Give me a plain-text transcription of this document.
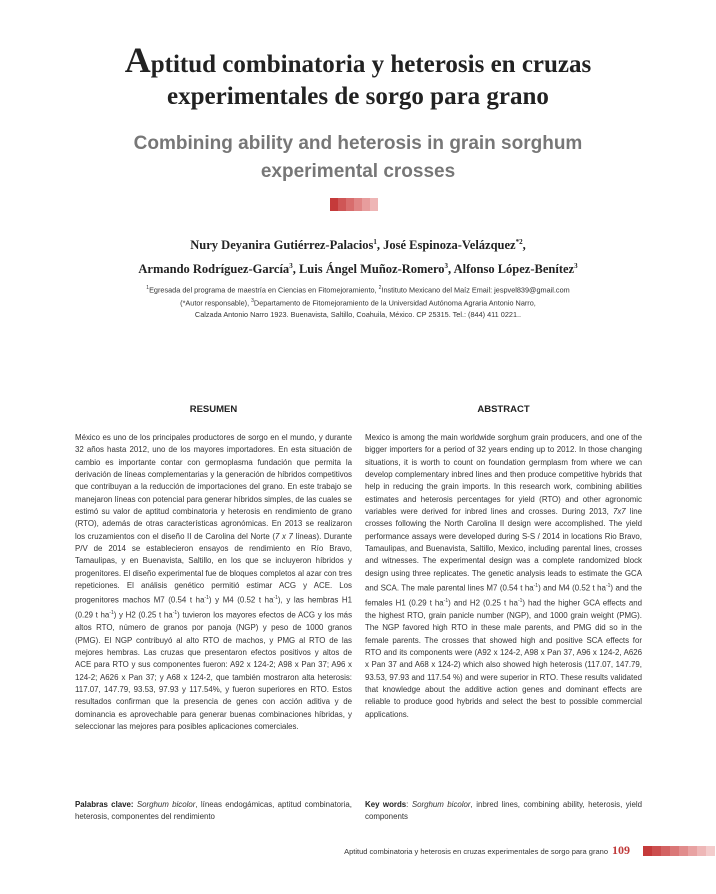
Aptitud combinatoria y heterosis en cruzas
experimentales de sorgo para grano
Combining ability and heterosis in grain sorghum
experimental crosses
Nury Deyanira Gutiérrez-Palacios$^1$, José Espinoza-Velázquez$^{*2}$,
Armando Rodríguez-García$^3$, Luis Ángel Muñoz-Romero$^3$, Alfonso López-Benítez$^3$
$^1$Egresada del programa de maestría en Ciencias en Fitomejoramiento, $^2$Instituto Mexicano del Maíz Email: jespvel839@gmail.com
(*Autor responsable), $^3$Departamento de Fitomejoramiento de la Universidad Autónoma Agraria Antonio Narro,
Calzada Antonio Narro 1923. Buenavista, Saltillo, Coahuila, México. CP 25315. Tel.: (844) 411 0221..
RESUMEN	ABSTRACT

México es uno de los principales productores de sorgo en el mundo, y durante 32 años hasta 2012, uno de los mayores importadores. En esta situación de cambio es importante contar con germoplasma fundación que permita la derivación de líneas complementarias y la generación de híbridos competitivos que contribuyan a la reducción de importaciones del grano. En este trabajo se manejaron líneas con potencial para generar híbridos simples, de las cuales se estimó su valor de aptitud combinatoria y heterosis en rendimiento de grano (RTO), además de otras características agronómicas. En 2013 se realizaron los cruzamientos con el diseño II de Carolina del Norte (7 x 7 líneas). Durante P/V de 2014 se establecieron ensayos de rendimiento en Río Bravo, Tamaulipas, y en Buenavista, Saltillo, en los que se incluyeron híbridos y progenitores. El diseño experimental fue de bloques completos al azar con tres repeticiones. El análisis genético permitió estimar ACG y ACE. Los progenitores machos M7 (0.54 t $ha^{-1}$) y M4 (0.52 t $ha^{-1}$), y las hembras H1 (0.29 t $ha^{-1}$) y H2 (0.25 t $ha^{-1}$) tuvieron los mayores efectos de ACG y los más altos RTO, número de granos por panoja (NGP) y peso de 1000 granos (PMG). El NGP contribuyó al alto RTO de machos, y PMG al RTO de las mejores hembras. Las cruzas que presentaron efectos positivos y altos de ACE para RTO y sus componentes fueron: A92 x 124-2; A98 x Pan 37; A96 x 124-2; A626 x Pan 37; y A68 x 124-2, que también mostraron alta heterosis: 117.07, 147.79, 93.53, 97.93 y 117.54%, y fueron superiores en RTO. Estos resultados confirman que la presencia de genes con acción aditiva y de dominancia es aprovechable para generar buenas combinaciones híbridas, y seleccionar las mejores para posibles aplicaciones comerciales.

Mexico is among the main worldwide sorghum grain producers, and one of the bigger importers for a period of 32 years ending up to 2012. In those changing situations, it is worth to count on foundation germplasm from where we can develop complementary inbred lines and then produce competitive hybrids that help in reducing the grain imports. In this research work, combining abilities estimates and heterosis percentages for yield (RTO) and other agronomic variables were derived for inbred lines and crosses. During 2013, 7x7 line crosses following the North Carolina II design were accomplished. The yield performance assays were developed during S-S / 2014 in locations Rio Bravo, Tamaulipas, and Buenavista, Saltillo, Mexico, including parental lines, crosses and witnesses. The experimental design was a complete randomized block design using three replicates. The genetic analysis leads to estimate the GCA and SCA. The male parental lines M7 (0.54 t $ha^{-1}$) and M4 (0.52 t $ha^{-1}$) and the females H1 (0.29 t $ha^{-1}$) and H2 (0.25 t $ha^{-1}$) had the higher GCA effects and the highest RTO, grain panicle number (NGP), and 1000 grain weight (PMG). The NGP favored high RTO in these male parents, and PMG did so in the female parents. The crosses that showed high and positive SCA effects for RTO and its components were (A92 x 124-2, A98 x Pan 37, A96 x 124-2, A626 x Pan 37 and A68 x 124-2) which also showed high heterosis (117.07, 147.79, 93.53, 97.93 and 117.54 %) and were superior in RTO. These results validated that knowledge about the additive action genes and dominant effects are reliable to produce good hybrids and select the best to possible commercial applications.

Palabras clave: Sorghum bicolor, líneas endogámicas, aptitud combinatoria, heterosis, componentes del rendimiento

Key words: Sorghum bicolor, inbred lines, combining ability, heterosis, yield components

Aptitud combinatoria y heterosis en cruzas experimentales de sorgo para grano 109
